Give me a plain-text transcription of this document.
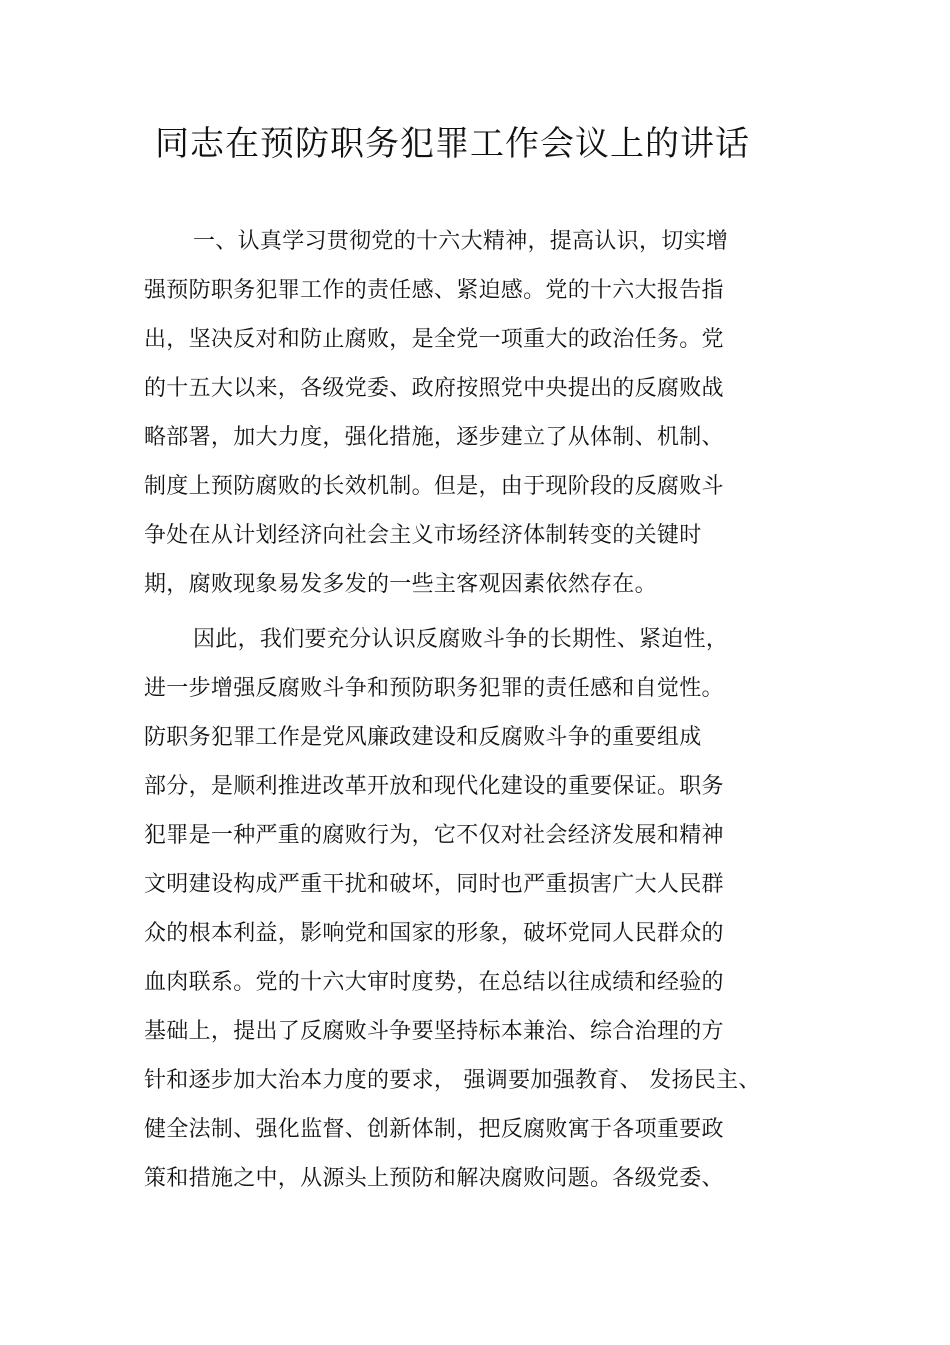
同志在预防职务犯罪工作会议上的讲话
一、认真学习贯彻党的十六大精神，提高认识，切实增
强预防职务犯罪工作的责任感、紧迫感。党的十六大报告指
出，坚决反对和防止腐败，是全党一项重大的政治任务。党
的十五大以来，各级党委、政府按照党中央提出的反腐败战
略部署，加大力度，强化措施，逐步建立了从体制、机制、
制度上预防腐败的长效机制。但是，由于现阶段的反腐败斗
争处在从计划经济向社会主义市场经济体制转变的关键时
期，腐败现象易发多发的一些主客观因素依然存在。
因此，我们要充分认识反腐败斗争的长期性、紧迫性，
进一步增强反腐败斗争和预防职务犯罪的责任感和自觉性。
防职务犯罪工作是党风廉政建设和反腐败斗争的重要组成
部分，是顺利推进改革开放和现代化建设的重要保证。职务
犯罪是一种严重的腐败行为，它不仅对社会经济发展和精神
文明建设构成严重干扰和破坏，同时也严重损害广大人民群
众的根本利益，影响党和国家的形象，破坏党同人民群众的
血肉联系。党的十六大审时度势，在总结以往成绩和经验的
基础上，提出了反腐败斗争要坚持标本兼治、综合治理的方
针和逐步加大治本力度的要求， 强调要加强教育、 发扬民主、
健全法制、强化监督、创新体制，把反腐败寓于各项重要政
策和措施之中，从源头上预防和解决腐败问题。各级党委、
